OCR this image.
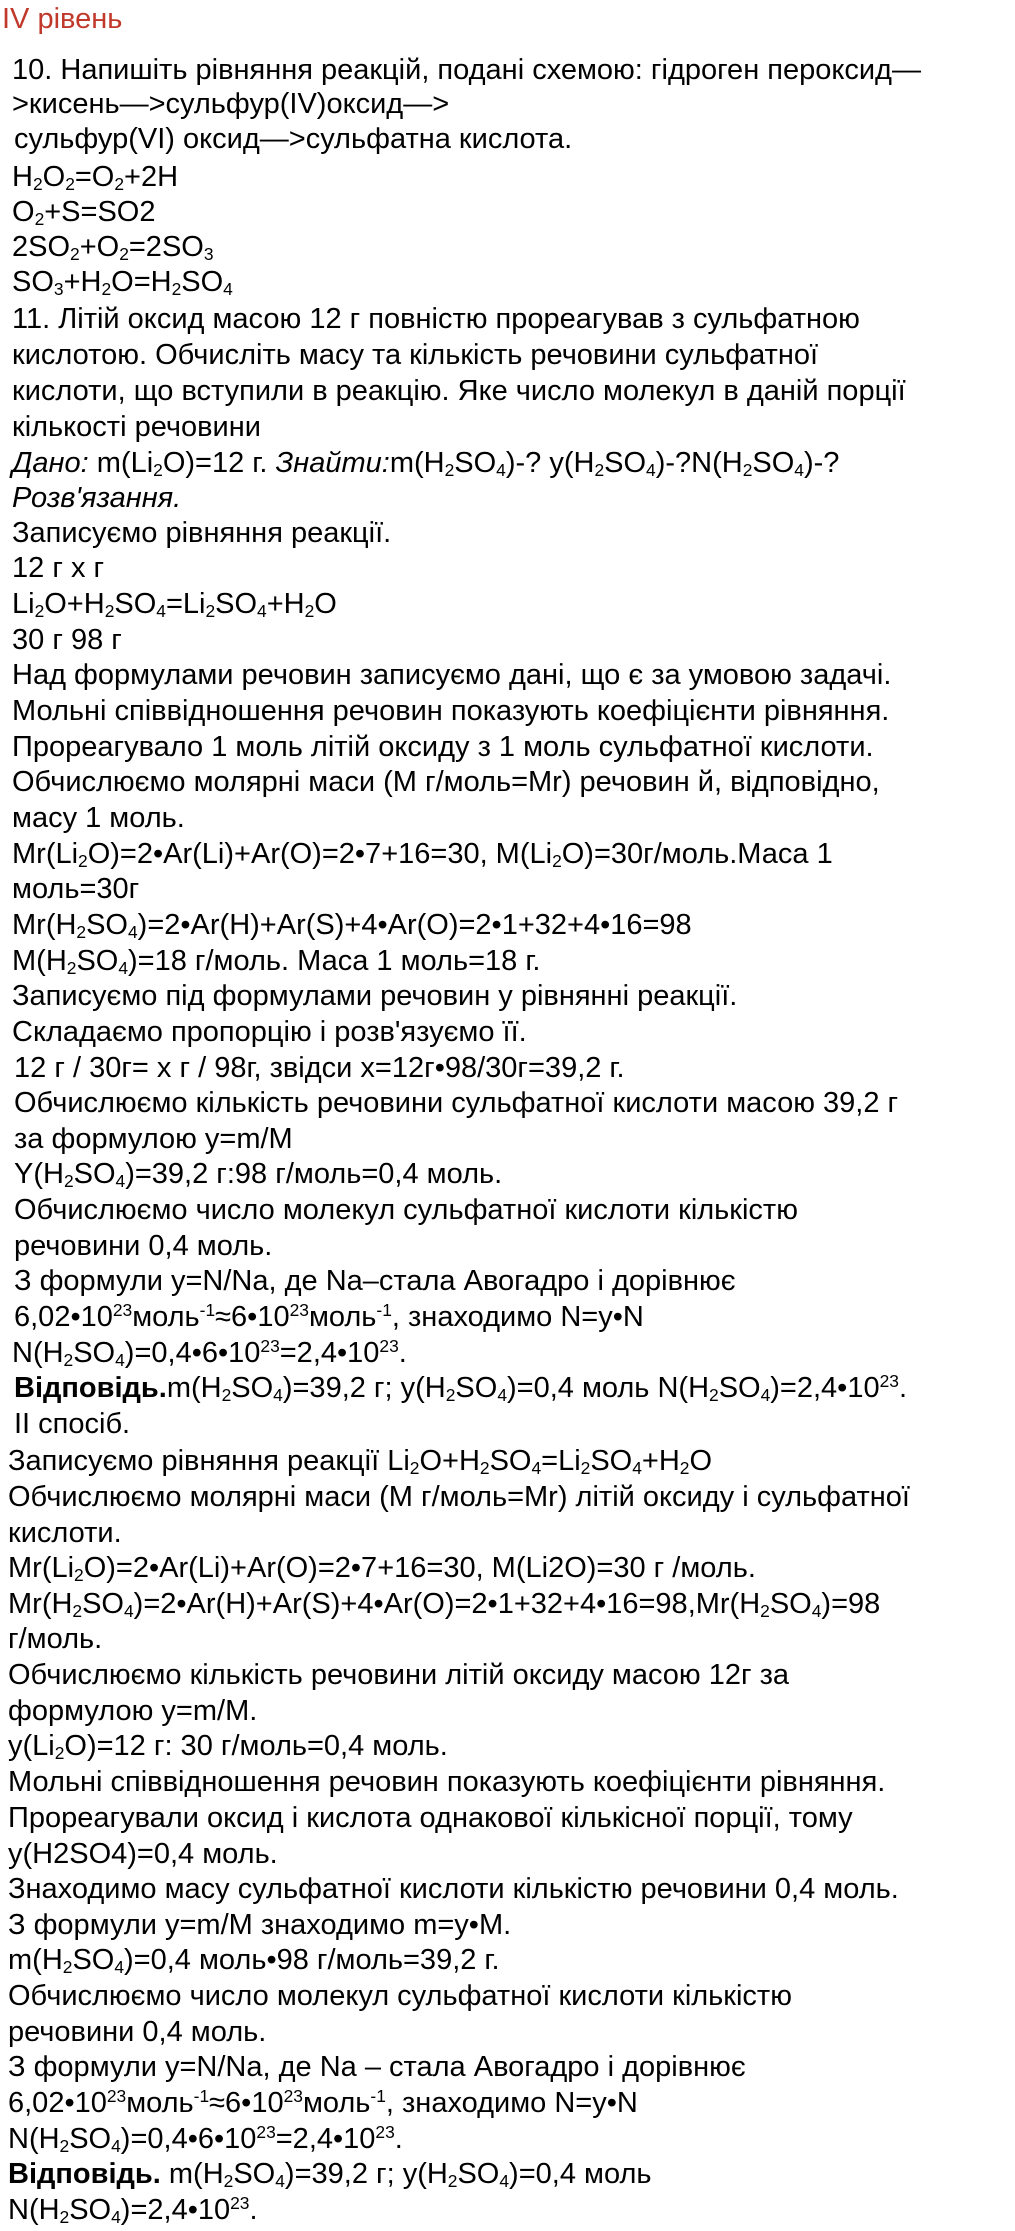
IV рівень
10. Напишіть рівняння реакцій, подані схемою: гідроген пероксид—
>кисень—>сульфур(IV)оксид—>
сульфур(VI) оксид—>сульфатна кислота.
$H_2O_2=O_2+2H$
$O_2+S=SO2$
$2SO_2+O_2=2SO_3$
$SO_3+H_2O=H_2SO_4$
11. Літій оксид масою 12 г повністю прореагував з сульфатною
кислотою. Обчисліть масу та кількість речовини сульфатної
кислоти, що вступили в реакцію. Яке число молекул в даній порції
кількості речовини
Дано: $m(Li_2O)=12$ г. $Знайти:m(H_2SO_4)-$? $y(H_2SO_4)-?N(H_2SO_4)-$?
Розв'язання.
Записуємо рівняння реакції.
12 г х г
$Li_2O+H_2SO_4=Li_2SO_4+H_2O$
30 г 98 г
Над формулами речовин записуємо дані, що є за умовою задачі.
Мольні співвідношення речовин показують коефіцієнти рівняння.
Прореагувало 1 моль літій оксиду з 1 моль сульфатної кислоти.
Обчислюємо молярні маси (M г/моль=Mr) речовин й, відповідно,
масу 1 моль.
$Mr(Li_2O)=2•Ar(Li)+Ar(O)=2•7+16=30$, $M(Li_2O)=30г/моль.Маса$ 1
моль=30г
$Mr(H_2SO_4)=2•Ar(H)+Ar(S)+4•Ar(O)=2•1+32+4•16=98$
$M(H_2SO_4)=18$ г/моль. Маса 1 моль=18 г.
Записуємо під формулами речовин у рівнянні реакції.
Складаємо пропорцію і розв'язуємо її.
12 г / 30г= х г / 98г, звідси х=12г•98/30г=39,2 г.
Обчислюємо кількість речовини сульфатної кислоти масою 39,2 г
за формулою y=m/M
$Y(H_2SO_4)=39,2$ г:98 г/моль=0,4 моль.
Обчислюємо число молекул сульфатної кислоти кількістю
речовини 0,4 моль.
З формули y=N/Na, де Na–стала Авогадро і дорівнює
$6,02•10^{23}моль^{-1}\approx 6•10^{23}моль^{-1}$, знаходимо N=y•N
$N(H_2SO_4)=0,4•6•10^{23}=2,4•10^{23}$.
$Відповідь.m(H_2SO_4)=39,2$ г; $y(H_2SO_4)=0,4$ моль $N(H_2SO_4)=2,4•10^{23}$.
ІІ спосіб.
Записуємо рівняння реакції $Li_2O+H_2SO_4=Li_2SO_4+H_2O$
Обчислюємо молярні маси (M г/моль=Mr) літій оксиду і сульфатної
кислоти.
$Mr(Li_2O)=2•Ar(Li)+Ar(O)=2•7+16=30$, M(Li2O)=30 г /моль.
$Mr(H_2SO_4)=2•Ar(H)+Ar(S)+4•Ar(O)=2•1+32+4•16=98,Mr(H_2SO_4)=98$
г/моль.
Обчислюємо кількість речовини літій оксиду масою 12г за
формулою y=m/M.
$y(Li_2O)=12$ г: 30 г/моль=0,4 моль.
Мольні співвідношення речовин показують коефіцієнти рівняння.
Прореагували оксид і кислота однакової кількісної порції, тому
y(H2SO4)=0,4 моль.
Знаходимо масу сульфатної кислоти кількістю речовини 0,4 моль.
З формули y=m/M знаходимо m=y•M.
$m(H_2SO_4)=0,4$ моль•98 г/моль=39,2 г.
Обчислюємо число молекул сульфатної кислоти кількістю
речовини 0,4 моль.
З формули y=N/Na, де Na – стала Авогадро і дорівнює
$6,02•10^{23}моль^{-1}\approx 6•10^{23}моль^{-1}$, знаходимо N=y•N
$N(H_2SO_4)=0,4•6•10^{23}=2,4•10^{23}$.
Відповідь. $m(H_2SO_4)=39,2$ г; $y(H_2SO_4)=0,4$ моль
$N(H_2SO_4)=2,4•10^{23}$.
